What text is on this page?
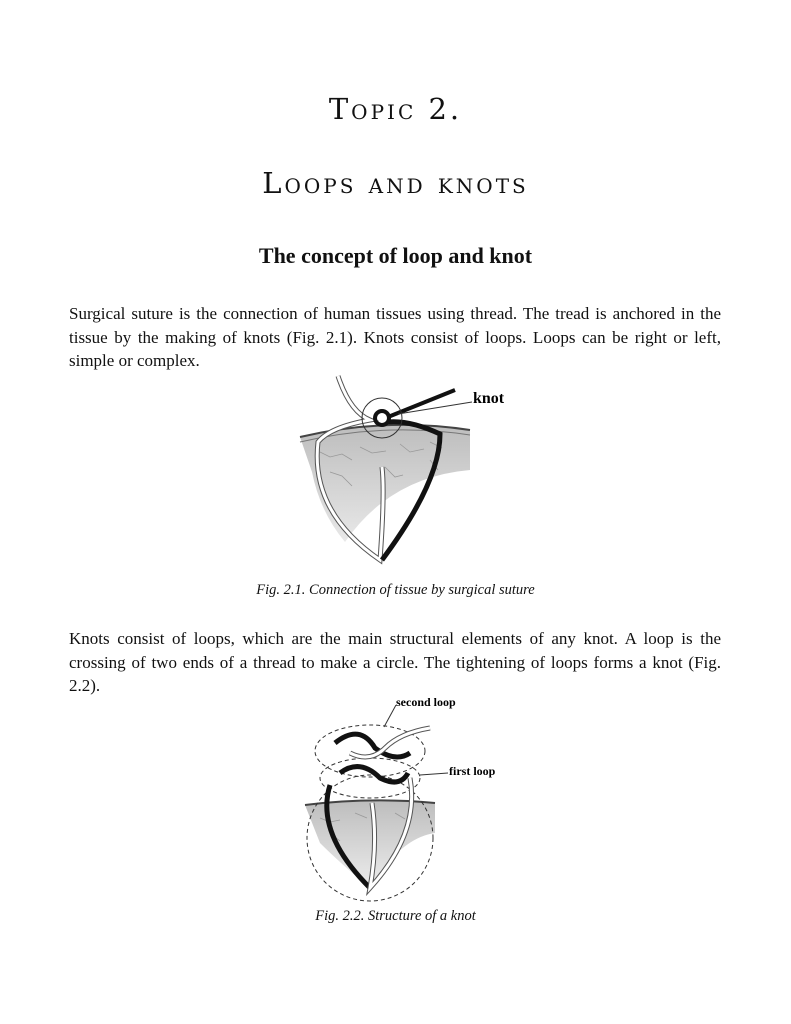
Topic 2.
Loops and knots
The concept of loop and knot

Surgical suture is the connection of human tissues using thread. The tread is anchored in the tissue by the making of knots (Fig. 2.1). Knots consist of loops. Loops can be right or left, simple or complex.

knot

Fig. 2.1. Connection of tissue by surgical suture

Knots consist of loops, which are the main structural elements of any knot. A loop is the crossing of two ends of a thread to make a circle. The tightening of loops forms a knot (Fig. 2.2).

second loop
first loop

Fig. 2.2. Structure of a knot
